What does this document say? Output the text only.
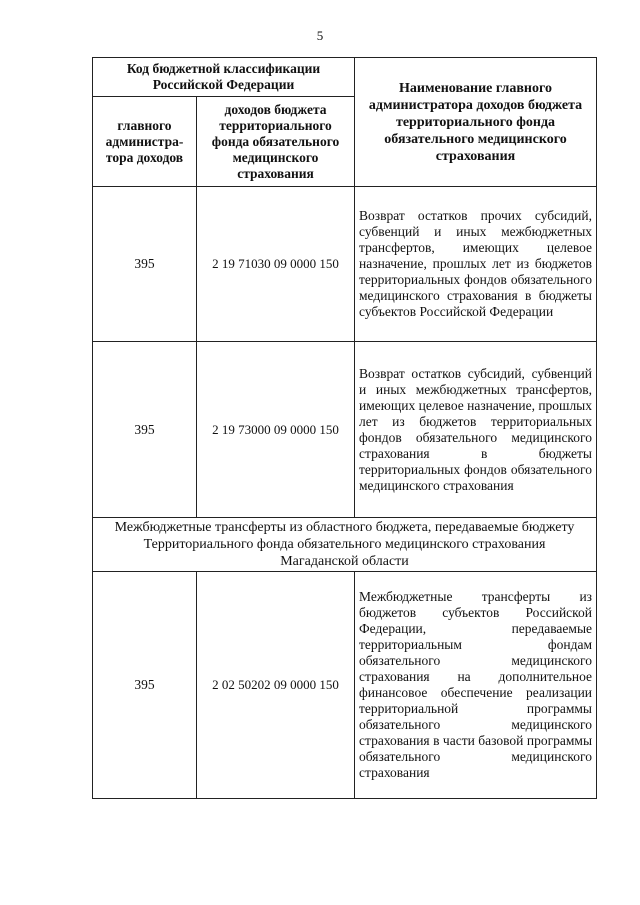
5
Код бюджетной классификации Российской Федерации		Наименование главного администратора доходов бюджета территориального фонда обязательного медицинского страхования
главного администра-тора доходов	доходов бюджета территориального фонда обязательного медицинского страхования	
395	2 19 71030 09 0000 150	Возврат остатков прочих субсидий, субвенций и иных межбюджетных трансфертов, имеющих целевое назначение, прошлых лет из бюджетов территориальных фондов обязательного медицинского страхования в бюджеты субъектов Российской Федерации
395	2 19 73000 09 0000 150	Возврат остатков субсидий, субвенций и иных межбюджетных трансфертов, имеющих целевое назначение, прошлых лет из бюджетов территориальных фондов обязательного медицинского страхования в бюджеты территориальных фондов обязательного медицинского страхования
Межбюджетные трансферты из областного бюджета, передаваемые бюджету Территориального фонда обязательного медицинского страхования Магаданской области		
395	2 02 50202 09 0000 150	Межбюджетные трансферты из бюджетов субъектов Российской Федерации, передаваемые территориальным фондам обязательного медицинского страхования на дополнительное финансовое обеспечение реализации территориальной программы обязательного медицинского страхования в части базовой программы обязательного медицинского страхования
